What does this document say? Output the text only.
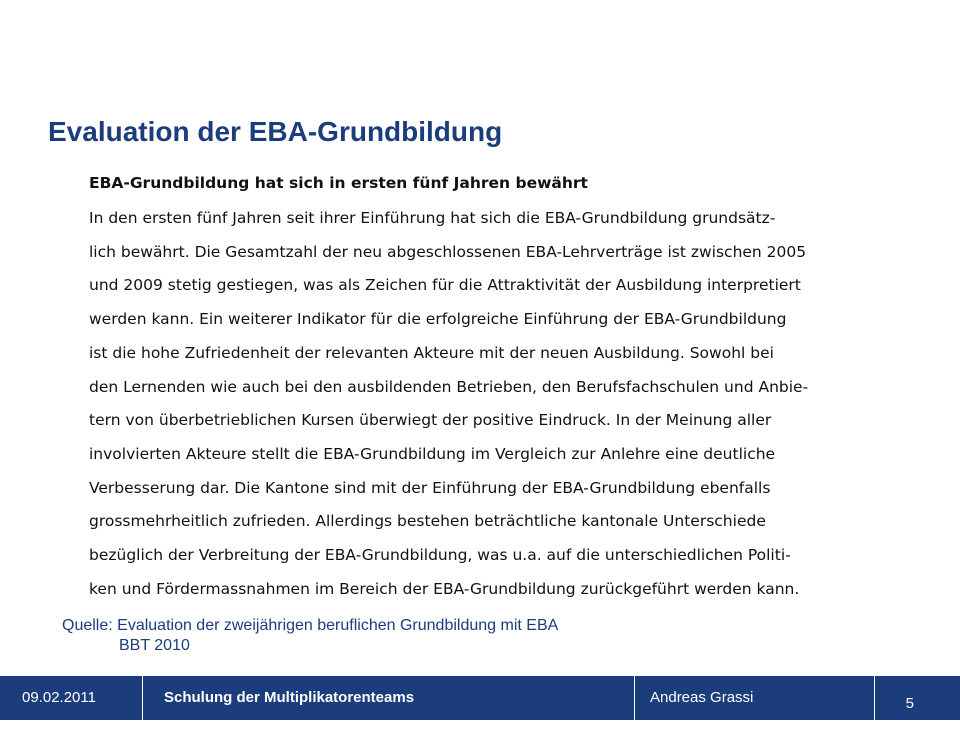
Evaluation der EBA-Grundbildung
EBA-Grundbildung hat sich in ersten fünf Jahren bewährt
In den ersten fünf Jahren seit ihrer Einführung hat sich die EBA-Grundbildung grundsätz-
lich bewährt. Die Gesamtzahl der neu abgeschlossenen EBA-Lehrverträge ist zwischen 2005
und 2009 stetig gestiegen, was als Zeichen für die Attraktivität der Ausbildung interpretiert
werden kann. Ein weiterer Indikator für die erfolgreiche Einführung der EBA-Grundbildung
ist die hohe Zufriedenheit der relevanten Akteure mit der neuen Ausbildung. Sowohl bei
den Lernenden wie auch bei den ausbildenden Betrieben, den Berufsfachschulen und Anbie-
tern von überbetrieblichen Kursen überwiegt der positive Eindruck. In der Meinung aller
involvierten Akteure stellt die EBA-Grundbildung im Vergleich zur Anlehre eine deutliche
Verbesserung dar. Die Kantone sind mit der Einführung der EBA-Grundbildung ebenfalls
grossmehrheitlich zufrieden. Allerdings bestehen beträchtliche kantonale Unterschiede
bezüglich der Verbreitung der EBA-Grundbildung, was u.a. auf die unterschiedlichen Politi-
ken und Fördermassnahmen im Bereich der EBA-Grundbildung zurückgeführt werden kann.
Quelle: Evaluation der zweijährigen beruflichen Grundbildung mit EBA
BBT 2010
09.02.2011	Schulung der Multiplikatorenteams	Andreas Grassi	5
